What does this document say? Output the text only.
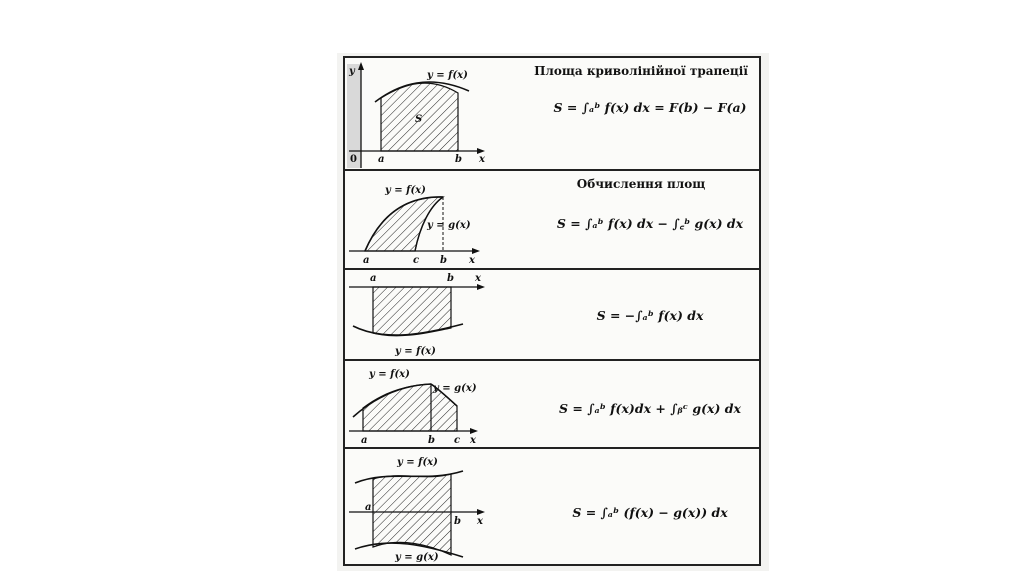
y	y = f(x)
S
0 a	b x
Площа криволінійної трапеції
S = ∫ₐᵇ f(x) dx = F(b) − F(a)
y = f(x)
y = g(x)
a	c b x
Обчислення площ
S = ∫ₐᵇ f(x) dx − ∫꜀ᵇ g(x) dx
a	b x
y = f(x)
S = −∫ₐᵇ f(x) dx
y = f(x)
y = g(x)
a	b c x
S = ∫ₐᵇ f(x)dx + ∫ᵦᶜ g(x) dx
y = f(x)
a
b x
y = g(x)
S = ∫ₐᵇ (f(x) − g(x)) dx
